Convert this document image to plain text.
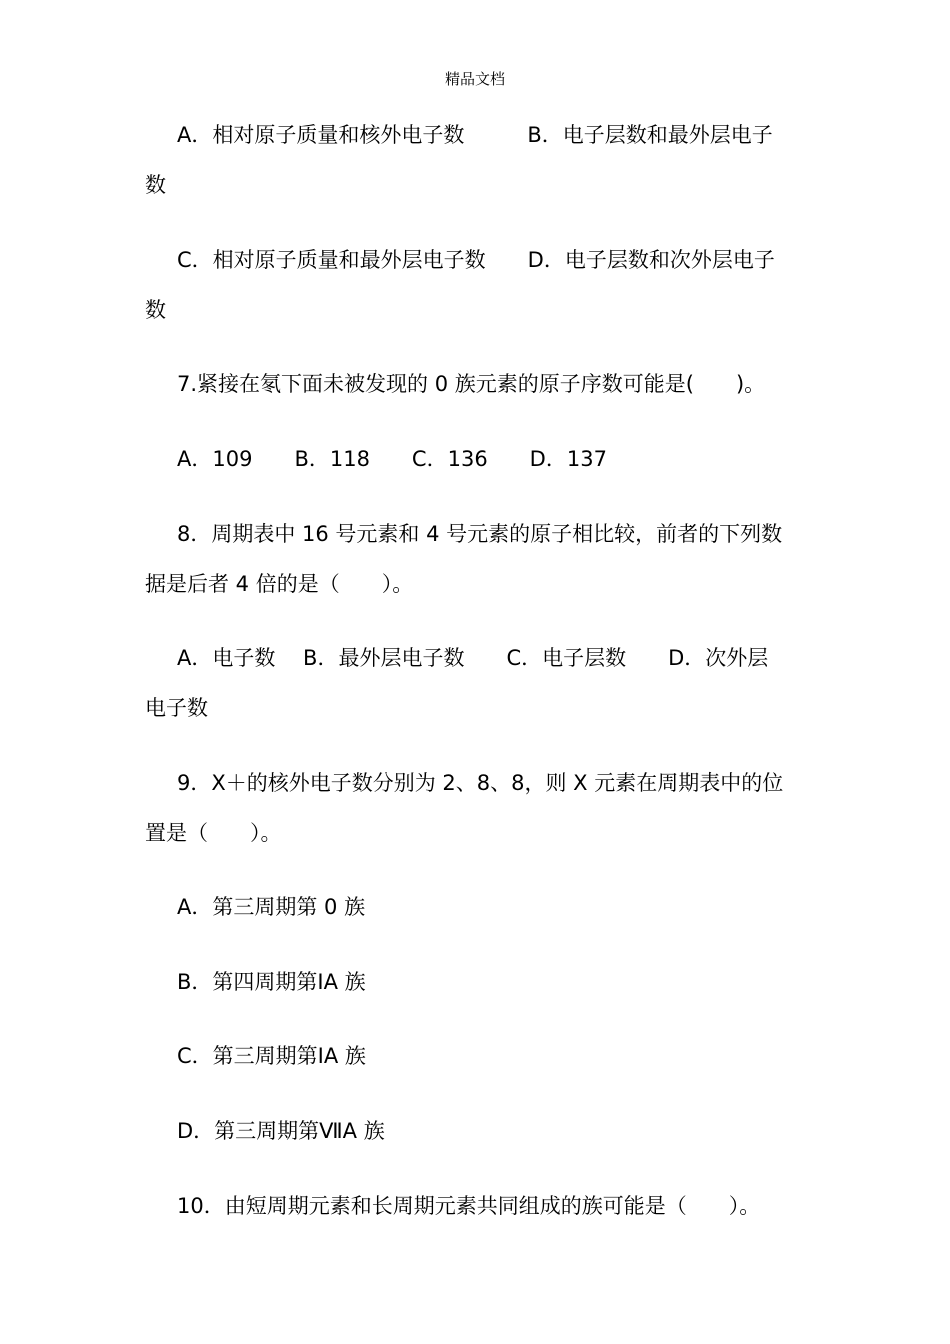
精品文档
A．相对原子质量和核外电子数　　　B．电子层数和最外层电子
数
C．相对原子质量和最外层电子数　　D．电子层数和次外层电子
数
7.紧接在氡下面未被发现的 0 族元素的原子序数可能是(　　)。
A．109　　B．118　　C．136　　D．137
8．周期表中 16 号元素和 4 号元素的原子相比较，前者的下列数
据是后者 4 倍的是（　　）。
A．电子数　 B．最外层电子数　　C．电子层数　　D．次外层
电子数
9．X＋的核外电子数分别为 2、8、8，则 X 元素在周期表中的位
置是（　　）。
A．第三周期第 0 族
B．第四周期第ⅠA 族
C．第三周期第ⅠA 族
D．第三周期第ⅦA 族
10．由短周期元素和长周期元素共同组成的族可能是（　　）。
